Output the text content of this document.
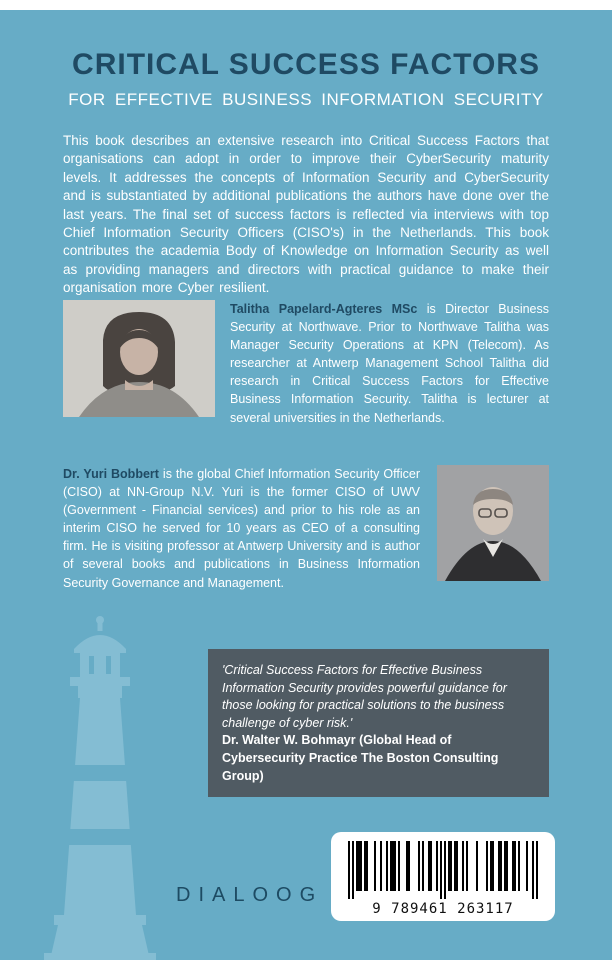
CRITICAL SUCCESS FACTORS
FOR EFFECTIVE BUSINESS INFORMATION SECURITY

This book describes an extensive research into Critical Success Factors that organisations can adopt in order to improve their CyberSecurity maturity levels. It addresses the concepts of Information Security and CyberSecurity and is substantiated by additional publications the authors have done over the last years. The final set of success factors is reflected via interviews with top Chief Information Security Officers (CISO's) in the Netherlands. This book contributes the academia Body of Knowledge on Information Security as well as providing managers and directors with practical guidance to make their organisation more Cyber resilient.

Talitha Papelard-Agteres MSc is Director Business Security at Northwave. Prior to Northwave Talitha was Manager Security Operations at KPN (Telecom). As researcher at Antwerp Management School Talitha did research in Critical Success Factors for Effective Business Information Security. Talitha is lecturer at several universities in the Netherlands.

Dr. Yuri Bobbert is the global Chief Information Security Officer (CISO) at NN-Group N.V. Yuri is the former CISO of UWV (Government - Financial services) and prior to his role as an interim CISO he served for 10 years as CEO of a consulting firm. He is visiting professor at Antwerp University and is author of several books and publications in Business Information Security Governance and Management.

'Critical Success Factors for Effective Business Information Security provides powerful guidance for those looking for practical solutions to the business challenge of cyber risk.'

Dr. Walter W. Bohmayr (Global Head of Cybersecurity Practice The Boston Consulting Group)

DIALOOG
9 789461 263117
